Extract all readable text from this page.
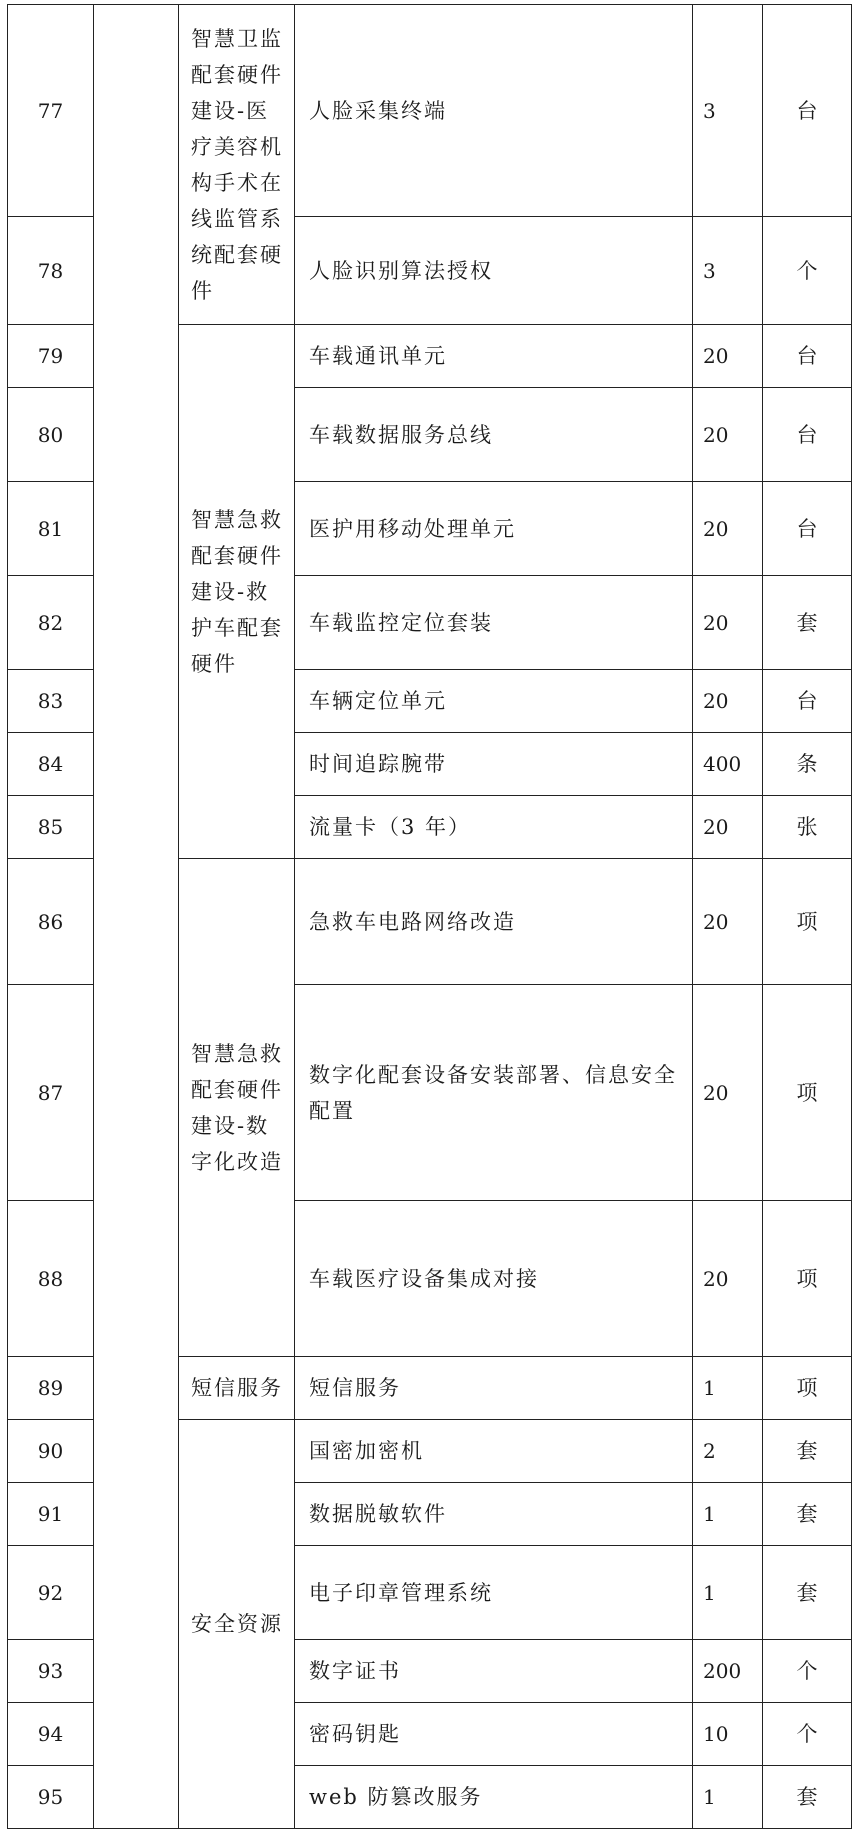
77		智慧卫监配套硬件建设-医疗美容机构手术在线监管系统配套硬件	人脸采集终端	3	台
78			人脸识别算法授权	3	个
79		智慧急救配套硬件建设-救护车配套硬件	车载通讯单元	20	台
80			车载数据服务总线	20	台
81			医护用移动处理单元	20	台
82			车载监控定位套装	20	套
83			车辆定位单元	20	台
84			时间追踪腕带	400	条
85			流量卡（3 年）	20	张
86		智慧急救配套硬件建设-数字化改造	急救车电路网络改造	20	项
87			数字化配套设备安装部署、信息安全配置	20	项
88			车载医疗设备集成对接	20	项
89		短信服务	短信服务	1	项
90		安全资源	国密加密机	2	套
91			数据脱敏软件	1	套
92			电子印章管理系统	1	套
93			数字证书	200	个
94			密码钥匙	10	个
95			web 防篡改服务	1	套
